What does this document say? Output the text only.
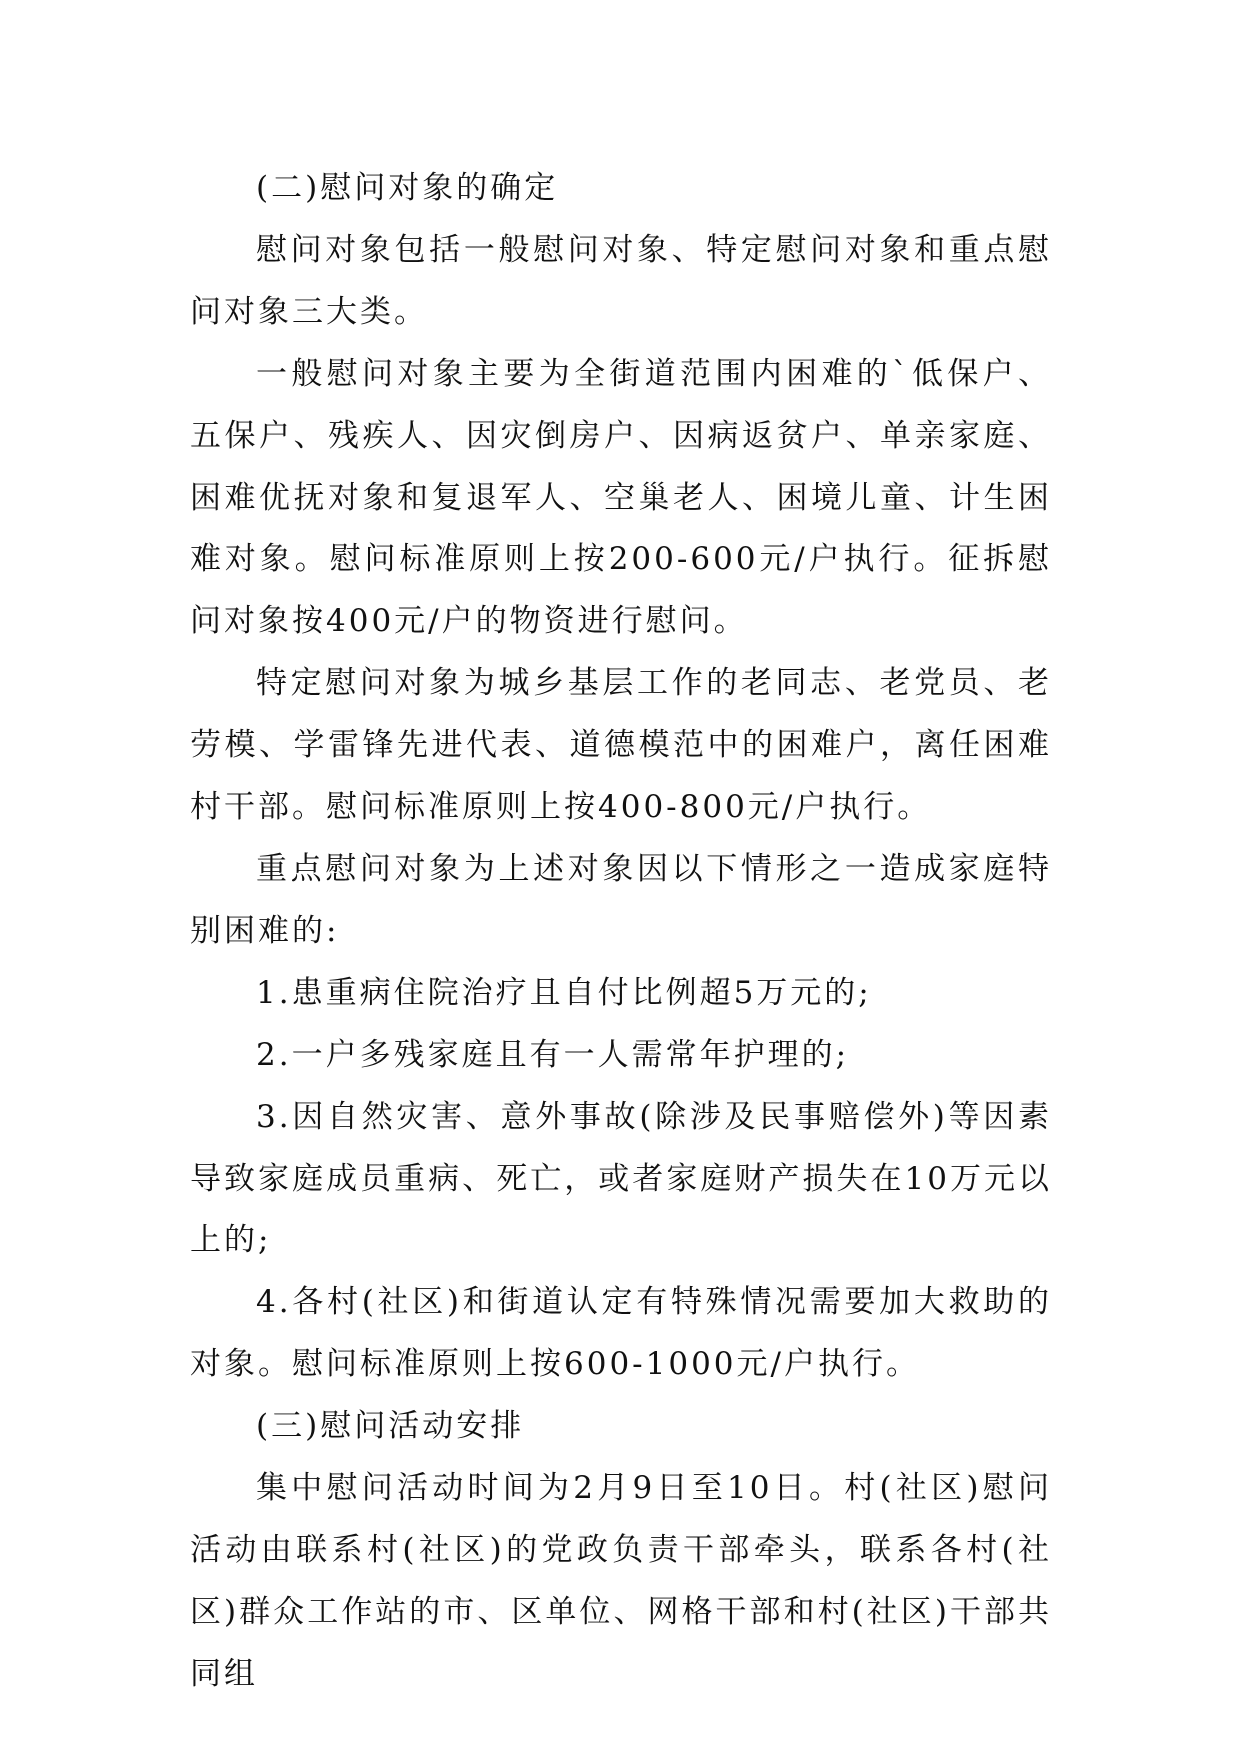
(二)慰问对象的确定

慰问对象包括一般慰问对象、特定慰问对象和重点慰问对象三大类。

一般慰问对象主要为全街道范围内困难的`低保户、五保户、残疾人、因灾倒房户、因病返贫户、单亲家庭、困难优抚对象和复退军人、空巢老人、困境儿童、计生困难对象。慰问标准原则上按200-600元/户执行。征拆慰问对象按400元/户的物资进行慰问。

特定慰问对象为城乡基层工作的老同志、老党员、老劳模、学雷锋先进代表、道德模范中的困难户，离任困难村干部。慰问标准原则上按400-800元/户执行。

重点慰问对象为上述对象因以下情形之一造成家庭特别困难的:

1.患重病住院治疗且自付比例超5万元的;

2.一户多残家庭且有一人需常年护理的;

3.因自然灾害、意外事故(除涉及民事赔偿外)等因素导致家庭成员重病、死亡，或者家庭财产损失在10万元以上的;

4.各村(社区)和街道认定有特殊情况需要加大救助的对象。慰问标准原则上按600-1000元/户执行。

(三)慰问活动安排

集中慰问活动时间为2月9日至10日。村(社区)慰问活动由联系村(社区)的党政负责干部牵头，联系各村(社区)群众工作站的市、区单位、网格干部和村(社区)干部共同组
